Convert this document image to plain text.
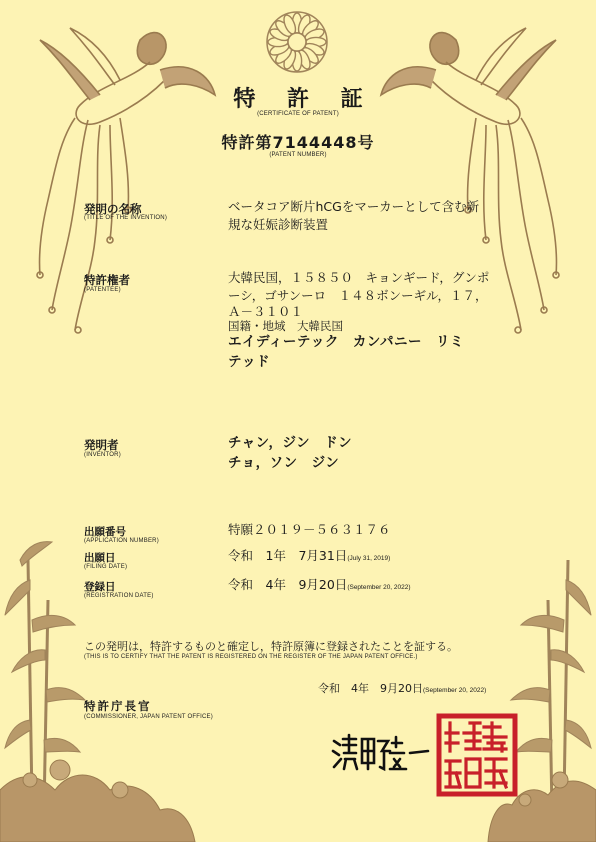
特 許 証
(CERTIFICATE OF PATENT)
特許第7144448号
(PATENT NUMBER)
発明の名称
(TITLE OF THE INVENTION)
ベータコア断片hCGをマーカーとして含む新
規な妊娠診断装置
特許権者
(PATENTEE)
大韓民国，１５８５０　キョンギード，グンポ
ーシ，ゴサンーロ　１４８ボンーギル，１７，
Ａ－３１０１
国籍・地域　大韓民国
エイディーテック　カンパニー　リミ
テッド
発明者
(INVENTOR)
チャン，ジン　ドン
チョ，ソン　ジン
出願番号
(APPLICATION NUMBER)
特願２０１９－５６３１７６
出願日
(FILING DATE)
令和　1年　7月31日(July 31, 2019)
登録日
(REGISTRATION DATE)
令和　4年　9月20日(September 20, 2022)
この発明は，特許するものと確定し，特許原簿に登録されたことを証する。
(THIS IS TO CERTIFY THAT THE PATENT IS REGISTERED ON THE REGISTER OF THE JAPAN PATENT OFFICE.)
令和　4年　9月20日(September 20, 2022)
特許庁長官
(COMMISSIONER, JAPAN PATENT OFFICE)
